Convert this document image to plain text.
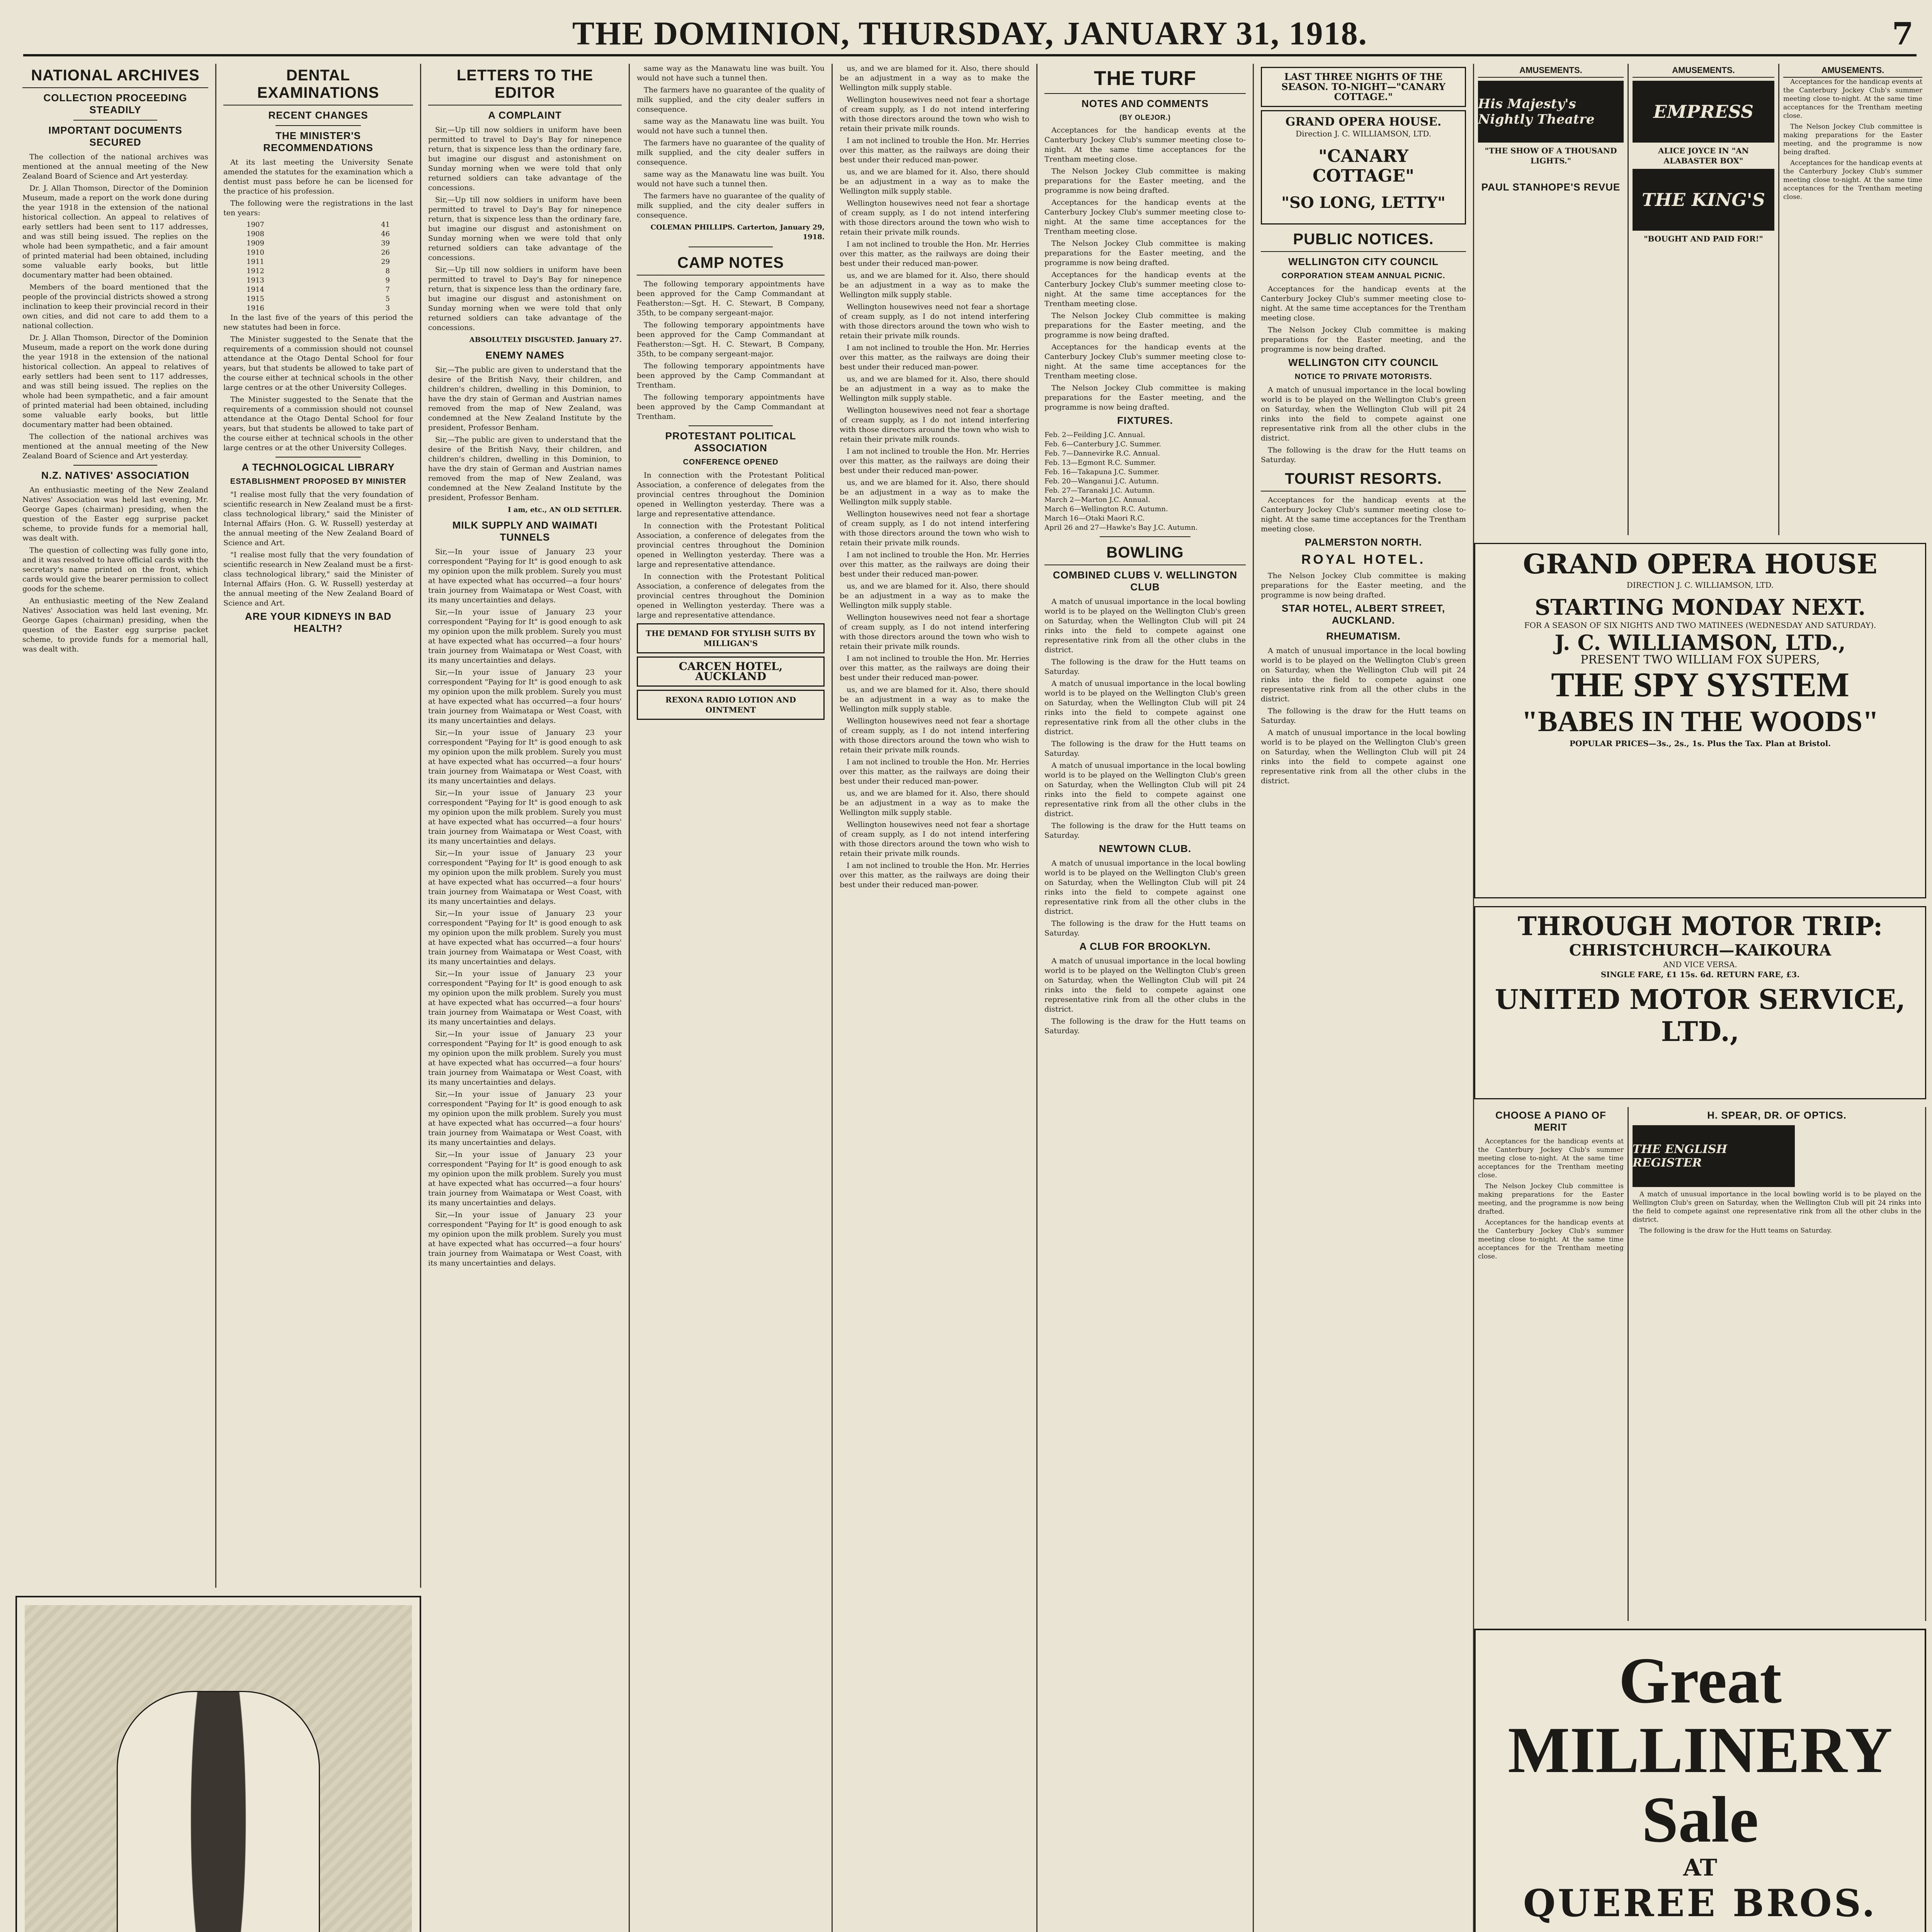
THE DOMINION, THURSDAY, JANUARY 31, 1918.	7
NATIONAL ARCHIVES
COLLECTION PROCEEDING STEADILY
IMPORTANT DOCUMENTS SECURED

The collection of the national archives was mentioned at the annual meeting of the New Zealand Board of Science and Art yesterday.

Dr. J. Allan Thomson, Director of the Dominion Museum, made a report on the work done during the year 1918 in the extension of the national historical collection. An appeal to relatives of early settlers had been sent to 117 addresses, and was still being issued. The replies on the whole had been sympathetic, and a fair amount of printed material had been obtained, including some valuable early books, but little documentary matter had been obtained.

Members of the board mentioned that the people of the provincial districts showed a strong inclination to keep their provincial record in their own cities, and did not care to add them to a national collection.

Dr. J. Allan Thomson, Director of the Dominion Museum, made a report on the work done during the year 1918 in the extension of the national historical collection. An appeal to relatives of early settlers had been sent to 117 addresses, and was still being issued. The replies on the whole had been sympathetic, and a fair amount of printed material had been obtained, including some valuable early books, but little documentary matter had been obtained.

The collection of the national archives was mentioned at the annual meeting of the New Zealand Board of Science and Art yesterday.

N.Z. NATIVES' ASSOCIATION

An enthusiastic meeting of the New Zealand Natives' Association was held last evening, Mr. George Gapes (chairman) presiding, when the question of the Easter egg surprise packet scheme, to provide funds for a memorial hall, was dealt with.

The question of collecting was fully gone into, and it was resolved to have official cards with the secretary's name printed on the front, which cards would give the bearer permission to collect goods for the scheme.

An enthusiastic meeting of the New Zealand Natives' Association was held last evening, Mr. George Gapes (chairman) presiding, when the question of the Easter egg surprise packet scheme, to provide funds for a memorial hall, was dealt with.

DENTAL EXAMINATIONS
RECENT CHANGES
THE MINISTER'S RECOMMENDATIONS

At its last meeting the University Senate amended the statutes for the examination which a dentist must pass before he can be licensed for the practice of his profession.

The following were the registrations in the last ten years:

1907	41
1908	46
1909	39
1910	26
1911	29
1912	8
1913	9
1914	7
1915	5
1916	3

In the last five of the years of this period the new statutes had been in force.

The Minister suggested to the Senate that the requirements of a commission should not counsel attendance at the Otago Dental School for four years, but that students be allowed to take part of the course either at technical schools in the other large centres or at the other University Colleges.

The Minister suggested to the Senate that the requirements of a commission should not counsel attendance at the Otago Dental School for four years, but that students be allowed to take part of the course either at technical schools in the other large centres or at the other University Colleges.

A TECHNOLOGICAL LIBRARY
ESTABLISHMENT PROPOSED BY MINISTER

"I realise most fully that the very foundation of scientific research in New Zealand must be a first-class technological library," said the Minister of Internal Affairs (Hon. G. W. Russell) yesterday at the annual meeting of the New Zealand Board of Science and Art.

"I realise most fully that the very foundation of scientific research in New Zealand must be a first-class technological library," said the Minister of Internal Affairs (Hon. G. W. Russell) yesterday at the annual meeting of the New Zealand Board of Science and Art.

ARE YOUR KIDNEYS IN BAD HEALTH?
LETTERS TO THE EDITOR
A COMPLAINT

Sir,—Up till now soldiers in uniform have been permitted to travel to Day's Bay for ninepence return, that is sixpence less than the ordinary fare, but imagine our disgust and astonishment on Sunday morning when we were told that only returned soldiers can take advantage of the concessions.

Sir,—Up till now soldiers in uniform have been permitted to travel to Day's Bay for ninepence return, that is sixpence less than the ordinary fare, but imagine our disgust and astonishment on Sunday morning when we were told that only returned soldiers can take advantage of the concessions.

Sir,—Up till now soldiers in uniform have been permitted to travel to Day's Bay for ninepence return, that is sixpence less than the ordinary fare, but imagine our disgust and astonishment on Sunday morning when we were told that only returned soldiers can take advantage of the concessions.

ABSOLUTELY DISGUSTED. January 27.
ENEMY NAMES

Sir,—The public are given to understand that the desire of the British Navy, their children, and children's children, dwelling in this Dominion, to have the dry stain of German and Austrian names removed from the map of New Zealand, was condemned at the New Zealand Institute by the president, Professor Benham.

Sir,—The public are given to understand that the desire of the British Navy, their children, and children's children, dwelling in this Dominion, to have the dry stain of German and Austrian names removed from the map of New Zealand, was condemned at the New Zealand Institute by the president, Professor Benham.

I am, etc., AN OLD SETTLER.
MILK SUPPLY AND WAIMATI TUNNELS

Sir,—In your issue of January 23 your correspondent "Paying for It" is good enough to ask my opinion upon the milk problem. Surely you must at have expected what has occurred—a four hours' train journey from Waimatapa or West Coast, with its many uncertainties and delays.

Sir,—In your issue of January 23 your correspondent "Paying for It" is good enough to ask my opinion upon the milk problem. Surely you must at have expected what has occurred—a four hours' train journey from Waimatapa or West Coast, with its many uncertainties and delays.

Sir,—In your issue of January 23 your correspondent "Paying for It" is good enough to ask my opinion upon the milk problem. Surely you must at have expected what has occurred—a four hours' train journey from Waimatapa or West Coast, with its many uncertainties and delays.

Sir,—In your issue of January 23 your correspondent "Paying for It" is good enough to ask my opinion upon the milk problem. Surely you must at have expected what has occurred—a four hours' train journey from Waimatapa or West Coast, with its many uncertainties and delays.

Sir,—In your issue of January 23 your correspondent "Paying for It" is good enough to ask my opinion upon the milk problem. Surely you must at have expected what has occurred—a four hours' train journey from Waimatapa or West Coast, with its many uncertainties and delays.

Sir,—In your issue of January 23 your correspondent "Paying for It" is good enough to ask my opinion upon the milk problem. Surely you must at have expected what has occurred—a four hours' train journey from Waimatapa or West Coast, with its many uncertainties and delays.

Sir,—In your issue of January 23 your correspondent "Paying for It" is good enough to ask my opinion upon the milk problem. Surely you must at have expected what has occurred—a four hours' train journey from Waimatapa or West Coast, with its many uncertainties and delays.

Sir,—In your issue of January 23 your correspondent "Paying for It" is good enough to ask my opinion upon the milk problem. Surely you must at have expected what has occurred—a four hours' train journey from Waimatapa or West Coast, with its many uncertainties and delays.

Sir,—In your issue of January 23 your correspondent "Paying for It" is good enough to ask my opinion upon the milk problem. Surely you must at have expected what has occurred—a four hours' train journey from Waimatapa or West Coast, with its many uncertainties and delays.

Sir,—In your issue of January 23 your correspondent "Paying for It" is good enough to ask my opinion upon the milk problem. Surely you must at have expected what has occurred—a four hours' train journey from Waimatapa or West Coast, with its many uncertainties and delays.

Sir,—In your issue of January 23 your correspondent "Paying for It" is good enough to ask my opinion upon the milk problem. Surely you must at have expected what has occurred—a four hours' train journey from Waimatapa or West Coast, with its many uncertainties and delays.

Sir,—In your issue of January 23 your correspondent "Paying for It" is good enough to ask my opinion upon the milk problem. Surely you must at have expected what has occurred—a four hours' train journey from Waimatapa or West Coast, with its many uncertainties and delays.

same way as the Manawatu line was built. You would not have such a tunnel then.

The farmers have no guarantee of the quality of milk supplied, and the city dealer suffers in consequence.

same way as the Manawatu line was built. You would not have such a tunnel then.

The farmers have no guarantee of the quality of milk supplied, and the city dealer suffers in consequence.

same way as the Manawatu line was built. You would not have such a tunnel then.

The farmers have no guarantee of the quality of milk supplied, and the city dealer suffers in consequence.

COLEMAN PHILLIPS. Carterton, January 29, 1918.
CAMP NOTES

The following temporary appointments have been approved for the Camp Commandant at Featherston:—Sgt. H. C. Stewart, B Company, 35th, to be company sergeant-major.

The following temporary appointments have been approved for the Camp Commandant at Featherston:—Sgt. H. C. Stewart, B Company, 35th, to be company sergeant-major.

The following temporary appointments have been approved by the Camp Commandant at Trentham.

The following temporary appointments have been approved by the Camp Commandant at Trentham.

PROTESTANT POLITICAL ASSOCIATION
CONFERENCE OPENED

In connection with the Protestant Political Association, a conference of delegates from the provincial centres throughout the Dominion opened in Wellington yesterday. There was a large and representative attendance.

In connection with the Protestant Political Association, a conference of delegates from the provincial centres throughout the Dominion opened in Wellington yesterday. There was a large and representative attendance.

In connection with the Protestant Political Association, a conference of delegates from the provincial centres throughout the Dominion opened in Wellington yesterday. There was a large and representative attendance.

THE DEMAND FOR STYLISH SUITS BY MILLIGAN'S
CARCEN HOTEL, AUCKLAND
REXONA RADIO LOTION AND OINTMENT

us, and we are blamed for it. Also, there should be an adjustment in a way as to make the Wellington milk supply stable.

Wellington housewives need not fear a shortage of cream supply, as I do not intend interfering with those directors around the town who wish to retain their private milk rounds.

I am not inclined to trouble the Hon. Mr. Herries over this matter, as the railways are doing their best under their reduced man-power.

us, and we are blamed for it. Also, there should be an adjustment in a way as to make the Wellington milk supply stable.

Wellington housewives need not fear a shortage of cream supply, as I do not intend interfering with those directors around the town who wish to retain their private milk rounds.

I am not inclined to trouble the Hon. Mr. Herries over this matter, as the railways are doing their best under their reduced man-power.

us, and we are blamed for it. Also, there should be an adjustment in a way as to make the Wellington milk supply stable.

Wellington housewives need not fear a shortage of cream supply, as I do not intend interfering with those directors around the town who wish to retain their private milk rounds.

I am not inclined to trouble the Hon. Mr. Herries over this matter, as the railways are doing their best under their reduced man-power.

us, and we are blamed for it. Also, there should be an adjustment in a way as to make the Wellington milk supply stable.

Wellington housewives need not fear a shortage of cream supply, as I do not intend interfering with those directors around the town who wish to retain their private milk rounds.

I am not inclined to trouble the Hon. Mr. Herries over this matter, as the railways are doing their best under their reduced man-power.

us, and we are blamed for it. Also, there should be an adjustment in a way as to make the Wellington milk supply stable.

Wellington housewives need not fear a shortage of cream supply, as I do not intend interfering with those directors around the town who wish to retain their private milk rounds.

I am not inclined to trouble the Hon. Mr. Herries over this matter, as the railways are doing their best under their reduced man-power.

us, and we are blamed for it. Also, there should be an adjustment in a way as to make the Wellington milk supply stable.

Wellington housewives need not fear a shortage of cream supply, as I do not intend interfering with those directors around the town who wish to retain their private milk rounds.

I am not inclined to trouble the Hon. Mr. Herries over this matter, as the railways are doing their best under their reduced man-power.

us, and we are blamed for it. Also, there should be an adjustment in a way as to make the Wellington milk supply stable.

Wellington housewives need not fear a shortage of cream supply, as I do not intend interfering with those directors around the town who wish to retain their private milk rounds.

I am not inclined to trouble the Hon. Mr. Herries over this matter, as the railways are doing their best under their reduced man-power.

us, and we are blamed for it. Also, there should be an adjustment in a way as to make the Wellington milk supply stable.

Wellington housewives need not fear a shortage of cream supply, as I do not intend interfering with those directors around the town who wish to retain their private milk rounds.

I am not inclined to trouble the Hon. Mr. Herries over this matter, as the railways are doing their best under their reduced man-power.

THE TURF
NOTES AND COMMENTS
(BY OLEJOR.)

Acceptances for the handicap events at the Canterbury Jockey Club's summer meeting close to-night. At the same time acceptances for the Trentham meeting close.

The Nelson Jockey Club committee is making preparations for the Easter meeting, and the programme is now being drafted.

Acceptances for the handicap events at the Canterbury Jockey Club's summer meeting close to-night. At the same time acceptances for the Trentham meeting close.

The Nelson Jockey Club committee is making preparations for the Easter meeting, and the programme is now being drafted.

Acceptances for the handicap events at the Canterbury Jockey Club's summer meeting close to-night. At the same time acceptances for the Trentham meeting close.

The Nelson Jockey Club committee is making preparations for the Easter meeting, and the programme is now being drafted.

Acceptances for the handicap events at the Canterbury Jockey Club's summer meeting close to-night. At the same time acceptances for the Trentham meeting close.

The Nelson Jockey Club committee is making preparations for the Easter meeting, and the programme is now being drafted.

FIXTURES.
Feb. 2—Feilding J.C. Annual.
Feb. 6—Canterbury J.C. Summer.
Feb. 7—Dannevirke R.C. Annual.
Feb. 13—Egmont R.C. Summer.
Feb. 16—Takapuna J.C. Summer.
Feb. 20—Wanganui J.C. Autumn.
Feb. 27—Taranaki J.C. Autumn.
March 2—Marton J.C. Annual.
March 6—Wellington R.C. Autumn.
March 16—Otaki Maori R.C.
April 26 and 27—Hawke's Bay J.C. Autumn.
BOWLING
COMBINED CLUBS V. WELLINGTON CLUB

A match of unusual importance in the local bowling world is to be played on the Wellington Club's green on Saturday, when the Wellington Club will pit 24 rinks into the field to compete against one representative rink from all the other clubs in the district.

The following is the draw for the Hutt teams on Saturday.

A match of unusual importance in the local bowling world is to be played on the Wellington Club's green on Saturday, when the Wellington Club will pit 24 rinks into the field to compete against one representative rink from all the other clubs in the district.

The following is the draw for the Hutt teams on Saturday.

A match of unusual importance in the local bowling world is to be played on the Wellington Club's green on Saturday, when the Wellington Club will pit 24 rinks into the field to compete against one representative rink from all the other clubs in the district.

The following is the draw for the Hutt teams on Saturday.

NEWTOWN CLUB.

A match of unusual importance in the local bowling world is to be played on the Wellington Club's green on Saturday, when the Wellington Club will pit 24 rinks into the field to compete against one representative rink from all the other clubs in the district.

The following is the draw for the Hutt teams on Saturday.

A CLUB FOR BROOKLYN.

A match of unusual importance in the local bowling world is to be played on the Wellington Club's green on Saturday, when the Wellington Club will pit 24 rinks into the field to compete against one representative rink from all the other clubs in the district.

The following is the draw for the Hutt teams on Saturday.

LAST THREE NIGHTS OF THE SEASON. TO-NIGHT—"CANARY COTTAGE."
GRAND OPERA HOUSE.
Direction J. C. WILLIAMSON, LTD.
"CANARY COTTAGE"
"SO LONG, LETTY"
PUBLIC NOTICES.
WELLINGTON CITY COUNCIL
CORPORATION STEAM ANNUAL PICNIC.

Acceptances for the handicap events at the Canterbury Jockey Club's summer meeting close to-night. At the same time acceptances for the Trentham meeting close.

The Nelson Jockey Club committee is making preparations for the Easter meeting, and the programme is now being drafted.

WELLINGTON CITY COUNCIL
NOTICE TO PRIVATE MOTORISTS.

A match of unusual importance in the local bowling world is to be played on the Wellington Club's green on Saturday, when the Wellington Club will pit 24 rinks into the field to compete against one representative rink from all the other clubs in the district.

The following is the draw for the Hutt teams on Saturday.

TOURIST RESORTS.

Acceptances for the handicap events at the Canterbury Jockey Club's summer meeting close to-night. At the same time acceptances for the Trentham meeting close.

PALMERSTON NORTH.
ROYAL HOTEL.

The Nelson Jockey Club committee is making preparations for the Easter meeting, and the programme is now being drafted.

STAR HOTEL, ALBERT STREET, AUCKLAND.
RHEUMATISM.

A match of unusual importance in the local bowling world is to be played on the Wellington Club's green on Saturday, when the Wellington Club will pit 24 rinks into the field to compete against one representative rink from all the other clubs in the district.

The following is the draw for the Hutt teams on Saturday.

A match of unusual importance in the local bowling world is to be played on the Wellington Club's green on Saturday, when the Wellington Club will pit 24 rinks into the field to compete against one representative rink from all the other clubs in the district.

AMUSEMENTS.
His Majesty's Nightly Theatre
"THE SHOW OF A THOUSAND LIGHTS."
PAUL STANHOPE'S REVUE
AMUSEMENTS.
EMPRESS
ALICE JOYCE IN "AN ALABASTER BOX"
THE KING'S
"BOUGHT AND PAID FOR!"
AMUSEMENTS.

Acceptances for the handicap events at the Canterbury Jockey Club's summer meeting close to-night. At the same time acceptances for the Trentham meeting close.

The Nelson Jockey Club committee is making preparations for the Easter meeting, and the programme is now being drafted.

Acceptances for the handicap events at the Canterbury Jockey Club's summer meeting close to-night. At the same time acceptances for the Trentham meeting close.

GRAND OPERA HOUSE
DIRECTION J. C. WILLIAMSON, LTD.
STARTING MONDAY NEXT.
FOR A SEASON OF SIX NIGHTS AND TWO MATINEES (WEDNESDAY AND SATURDAY).
J. C. WILLIAMSON, LTD.,
PRESENT TWO WILLIAM FOX SUPERS,
THE SPY SYSTEM
"BABES IN THE WOODS"
POPULAR PRICES—3s., 2s., 1s. Plus the Tax. Plan at Bristol.
THROUGH MOTOR TRIP:
CHRISTCHURCH—KAIKOURA
AND VICE VERSA.
SINGLE FARE, £1 15s. 6d. RETURN FARE, £3.
UNITED MOTOR SERVICE, LTD.,
CHOOSE A PIANO OF MERIT

Acceptances for the handicap events at the Canterbury Jockey Club's summer meeting close to-night. At the same time acceptances for the Trentham meeting close.

The Nelson Jockey Club committee is making preparations for the Easter meeting, and the programme is now being drafted.

Acceptances for the handicap events at the Canterbury Jockey Club's summer meeting close to-night. At the same time acceptances for the Trentham meeting close.

H. SPEAR, DR. OF OPTICS.
THE ENGLISH REGISTER

A match of unusual importance in the local bowling world is to be played on the Wellington Club's green on Saturday, when the Wellington Club will pit 24 rinks into the field to compete against one representative rink from all the other clubs in the district.

The following is the draw for the Hutt teams on Saturday.

Great MILLINERY Sale
AT
QUEREE BROS.
